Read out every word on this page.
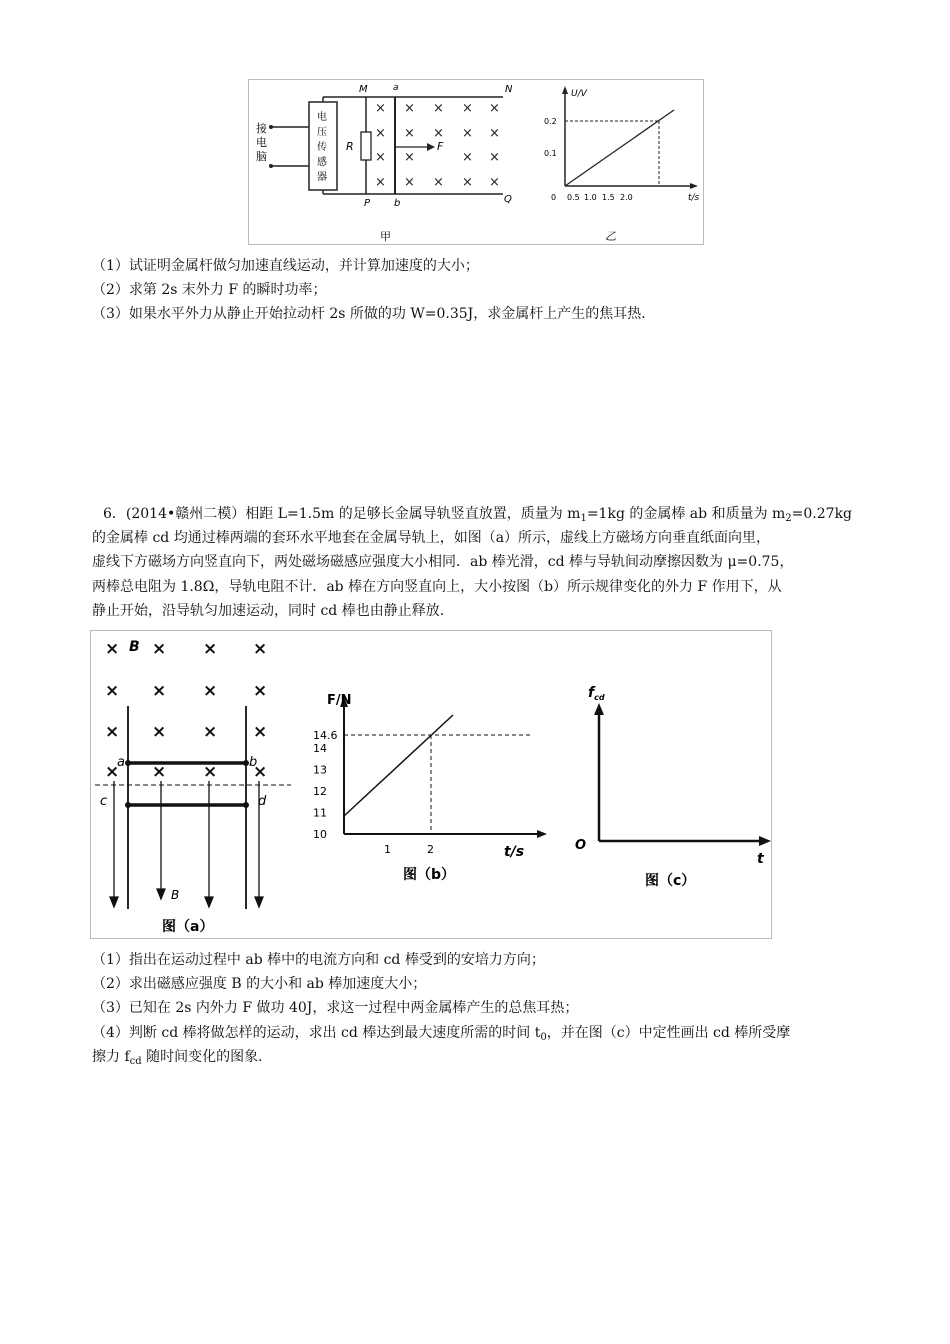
接
电
脑
电
压
传
感
器
R	F
M	a	N
P b	Q
×
×
×
×
×
×
×
×
×
×
×
×
×
×
×
×
×
×
×
甲
U/V
t/s
0.2
0.1
0 0.5 1.0 1.5 2.0
乙
（1）试证明金属杆做匀加速直线运动，并计算加速度的大小；
（2）求第 2s 末外力 F 的瞬时功率；
（3）如果水平外力从静止开始拉动杆 2s 所做的功 W=0.35J，求金属杆上产生的焦耳热．
6．(2014•赣州二模）相距 L=1.5m 的足够长金属导轨竖直放置，质量为 $m_1=1kg$ 的金属棒 ab 和质量为 $m_2=0.27kg$
的金属棒 cd 均通过棒两端的套环水平地套在金属导轨上，如图（a）所示，虚线上方磁场方向垂直纸面向里，
虚线下方磁场方向竖直向下，两处磁场磁感应强度大小相同．ab 棒光滑，cd 棒与导轨间动摩擦因数为 μ=0.75，
两棒总电阻为 1.8Ω，导轨电阻不计．ab 棒在方向竖直向上，大小按图（b）所示规律变化的外力 F 作用下，从
静止开始，沿导轨匀加速运动，同时 cd 棒也由静止释放．
× × × ×
× × × ×
× × × ×
× × × ×
B
a	b
c	d
B
图（a）
F/N
t/s
14.6
14
13
12
11
10
1	2
图（b）
$f_{cd}$
O
t
图（c）
（1）指出在运动过程中 ab 棒中的电流方向和 cd 棒受到的安培力方向；
（2）求出磁感应强度 B 的大小和 ab 棒加速度大小；
（3）已知在 2s 内外力 F 做功 40J，求这一过程中两金属棒产生的总焦耳热；
（4）判断 cd 棒将做怎样的运动，求出 cd 棒达到最大速度所需的时间 $t_0$，并在图（c）中定性画出 cd 棒所受摩
擦力 $f_{cd}$ 随时间变化的图象．
